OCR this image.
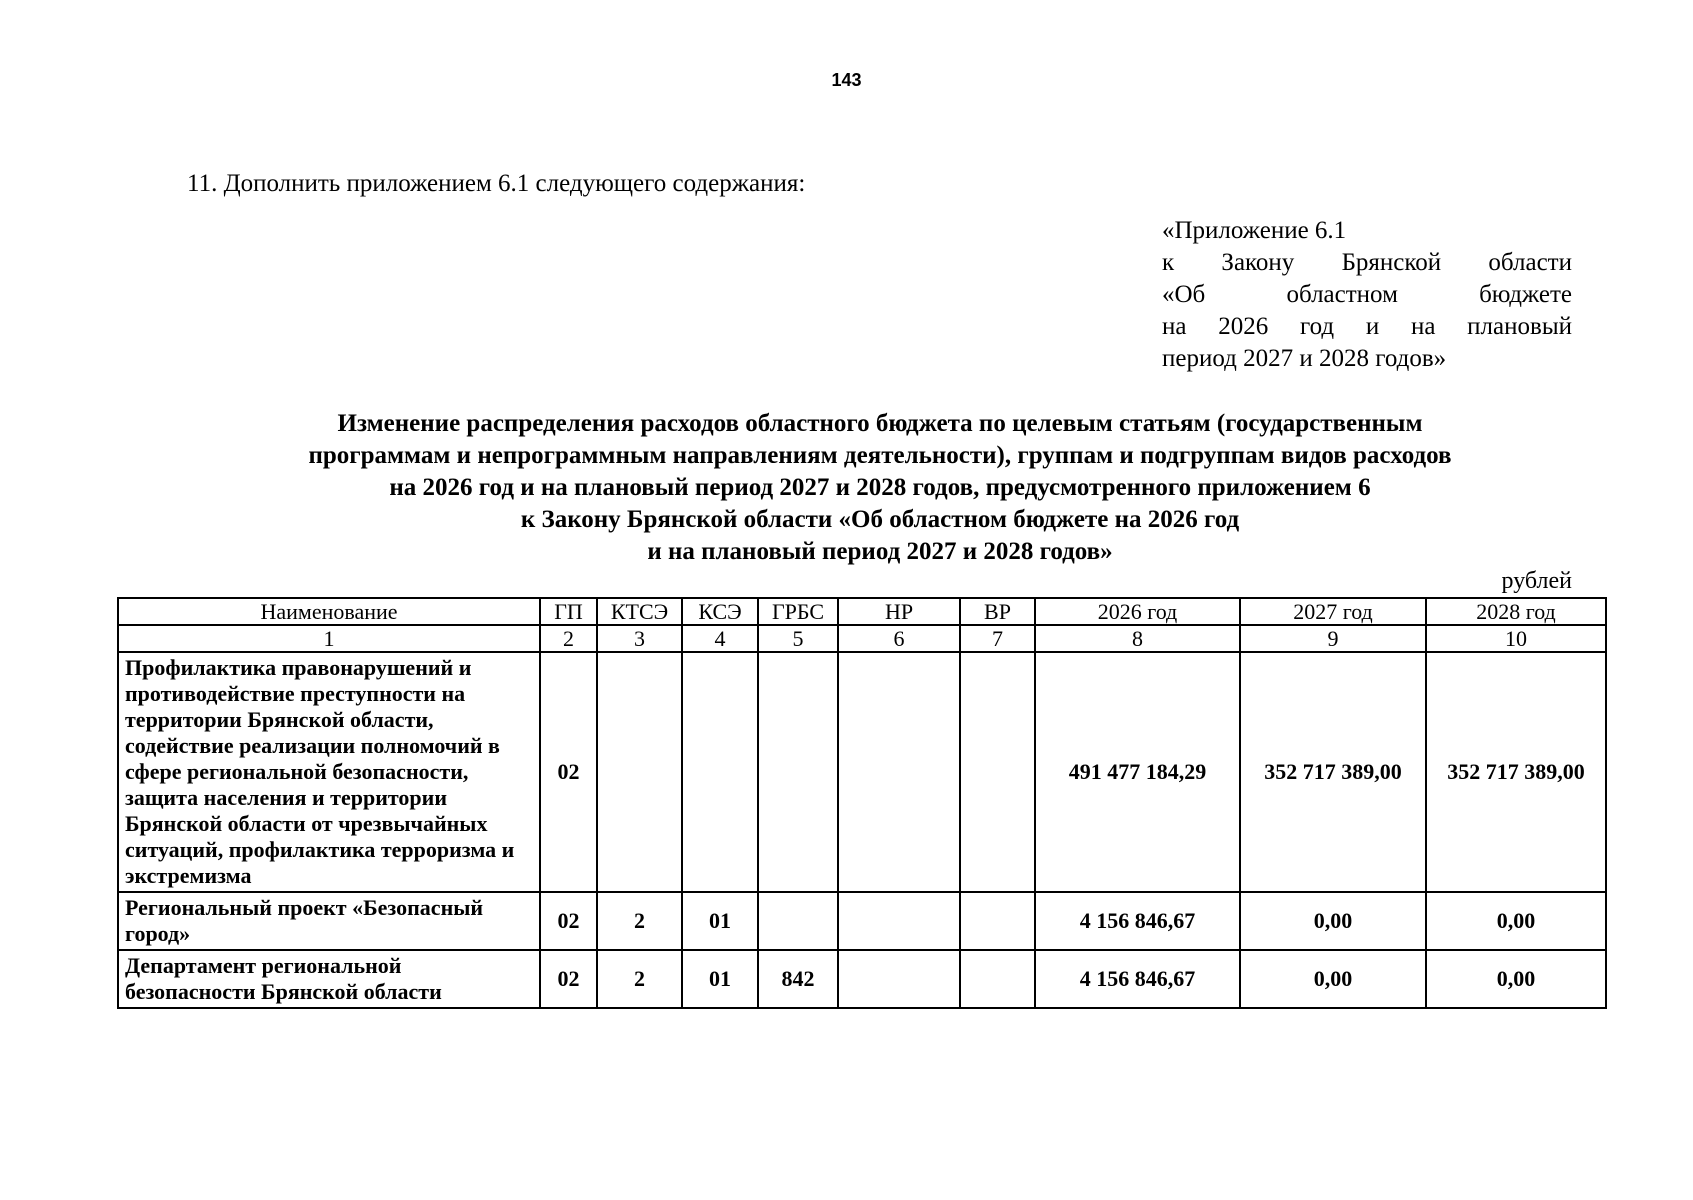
143
11. Дополнить приложением 6.1 следующего содержания:
«Приложение 6.1
к Закону Брянской области
«Об областном бюджете
на 2026 год и на плановый
период 2027 и 2028 годов»
Изменение распределения расходов областного бюджета по целевым статьям (государственным
программам и непрограммным направлениям деятельности), группам и подгруппам видов расходов
на 2026 год и на плановый период 2027 и 2028 годов, предусмотренного приложением 6
к Закону Брянской области «Об областном бюджете на 2026 год
и на плановый период 2027 и 2028 годов»
рублей
Наименование	ГП	КТСЭ	КСЭ	ГРБС	НР	ВР	2026 год	2027 год	2028 год
1	2	3	4	5	6	7	8	9	10
Профилактика правонарушений и противодействие преступности на территории Брянской области, содействие реализации полномочий в сфере региональной безопасности, защита населения и территории Брянской области от чрезвычайных ситуаций, профилактика терроризма и экстремизма	02						491 477 184,29	352 717 389,00	352 717 389,00
Региональный проект «Безопасный город»	02	2	01				4 156 846,67	0,00	0,00
Департамент региональной безопасности Брянской области	02	2	01	842			4 156 846,67	0,00	0,00
